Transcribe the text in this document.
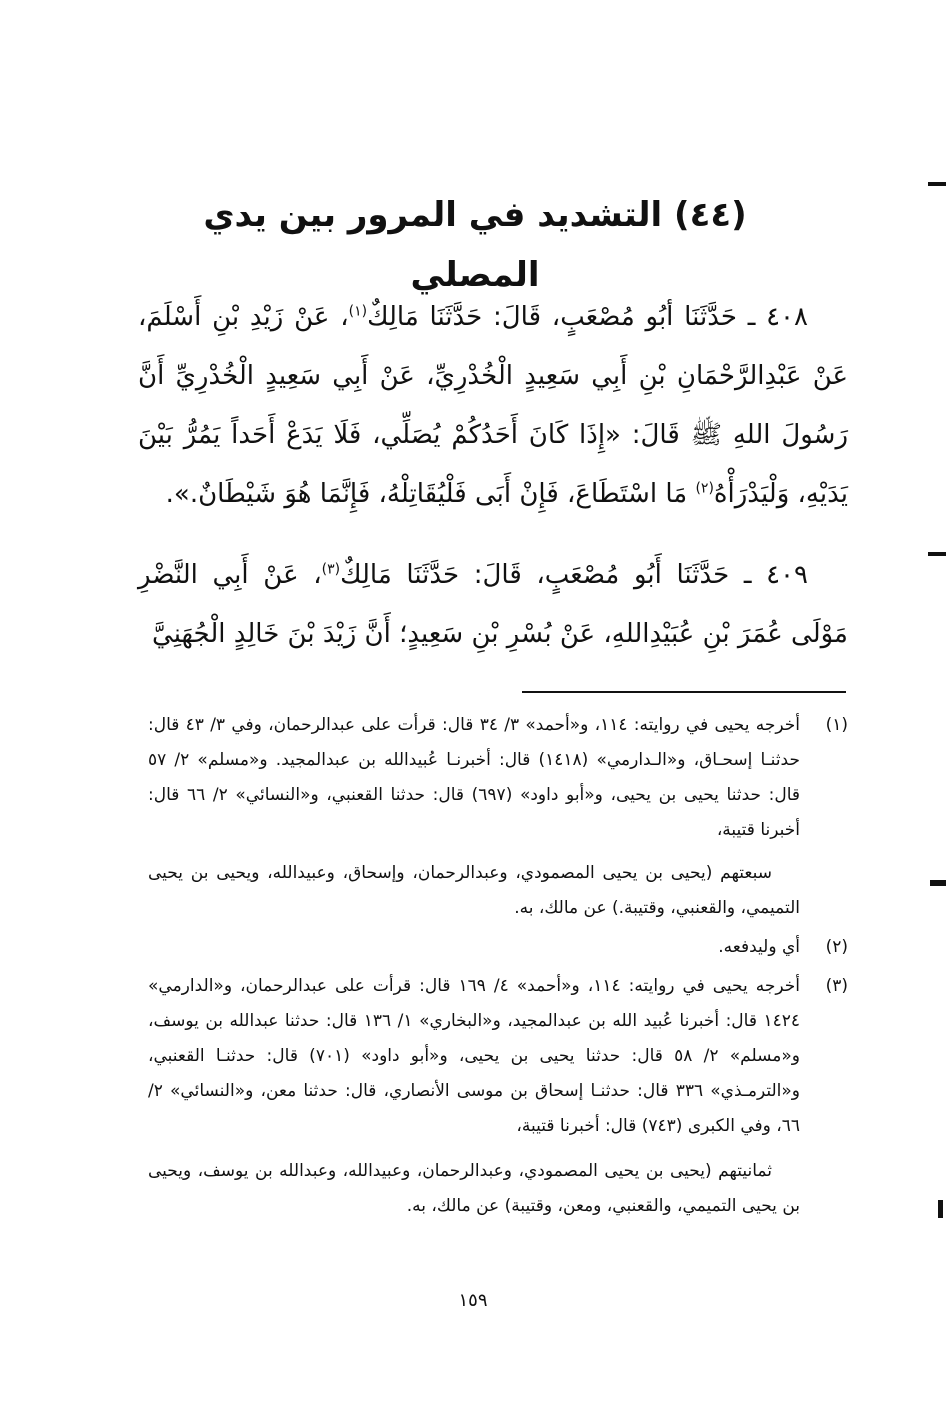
(٤٤) التشديد في المرور بين يدي المصلي

٤٠٨ ـ حَدَّثَنَا أبُو مُصْعَبٍ، قَالَ: حَدَّثَنَا مَالِكٌ$^{(١)}$، عَنْ زَيْدِ بْنِ أَسْلَمَ، عَنْ عَبْدِالرَّحْمَانِ بْنِ أَبِي سَعِيدٍ الْخُدْرِيِّ، عَنْ أَبِي سَعِيدٍ الْخُدْرِيِّ أَنَّ رَسُولَ اللهِ ﷺ قَالَ: «إِذَا كَانَ أَحَدُكُمْ يُصَلِّي، فَلَا يَدَعْ أَحَداً يَمُرُّ بَيْنَ يَدَيْهِ، وَلْيَدْرَأْهُ$^{(٢)}$ مَا اسْتَطَاعَ، فَإِنْ أَبَى فَلْيُقَاتِلْهُ، فَإِنَّمَا هُوَ شَيْطَانٌ.».

٤٠٩ ـ حَدَّثَنَا أَبُو مُصْعَبٍ، قَالَ: حَدَّثَنَا مَالِكٌ$^{(٣)}$، عَنْ أَبِي النَّضْرِ مَوْلَى عُمَرَ بْنِ عُبَيْدِاللهِ، عَنْ بُسْرِ بْنِ سَعِيدٍ؛ أَنَّ زَيْدَ بْنَ خَالِدٍ الْجُهَنِيَّ

(١)

أخرجه يحيى في روايته: ١١٤، و«أحمد» ٣/ ٣٤ قال: قرأت على عبدالرحمان، وفي ٣/ ٤٣ قال: حدثنـا إسحـاق، و«الـدارمي» (١٤١٨) قال: أخبرنـا عُبيدالله بن عبدالمجيد. و«مسلم» ٢/ ٥٧ قال: حدثنا يحيى بن يحيى، و«أبو داود» (٦٩٧) قال: حدثنا القعنبي، و«النسائي» ٢/ ٦٦ قال: أخبرنا قتيبة،

سبعتهم (يحيى بن يحيى المصمودي، وعبدالرحمان، وإسحاق، وعبيدالله، ويحيى بن يحيى التميمي، والقعنبي، وقتيبة.) عن مالك، به.

(٢)

أي وليدفعه.

(٣)

أخرجه يحيى في روايته: ١١٤، و«أحمد» ٤/ ١٦٩ قال: قرأت على عبدالرحمان، و«الدارمي» ١٤٢٤ قال: أخبرنا عُبيد الله بن عبدالمجيد، و«البخاري» ١/ ١٣٦ قال: حدثنا عبدالله بن يوسف، و«مسلم» ٢/ ٥٨ قال: حدثنا يحيى بن يحيى، و«أبو داود» (٧٠١) قال: حدثنـا القعنبي، و«الترمـذي» ٣٣٦ قال: حدثنـا إسحاق بن موسى الأنصاري، قال: حدثنا معن، و«النسائي» ٢/ ٦٦، وفي الكبرى (٧٤٣) قال: أخبرنا قتيبة،

ثمانيتهم (يحيى بن يحيى المصمودي، وعبدالرحمان، وعبيدالله، وعبدالله بن يوسف، ويحيى بن يحيى التميمي، والقعنبي، ومعن، وقتيبة) عن مالك، به.

١٥٩
